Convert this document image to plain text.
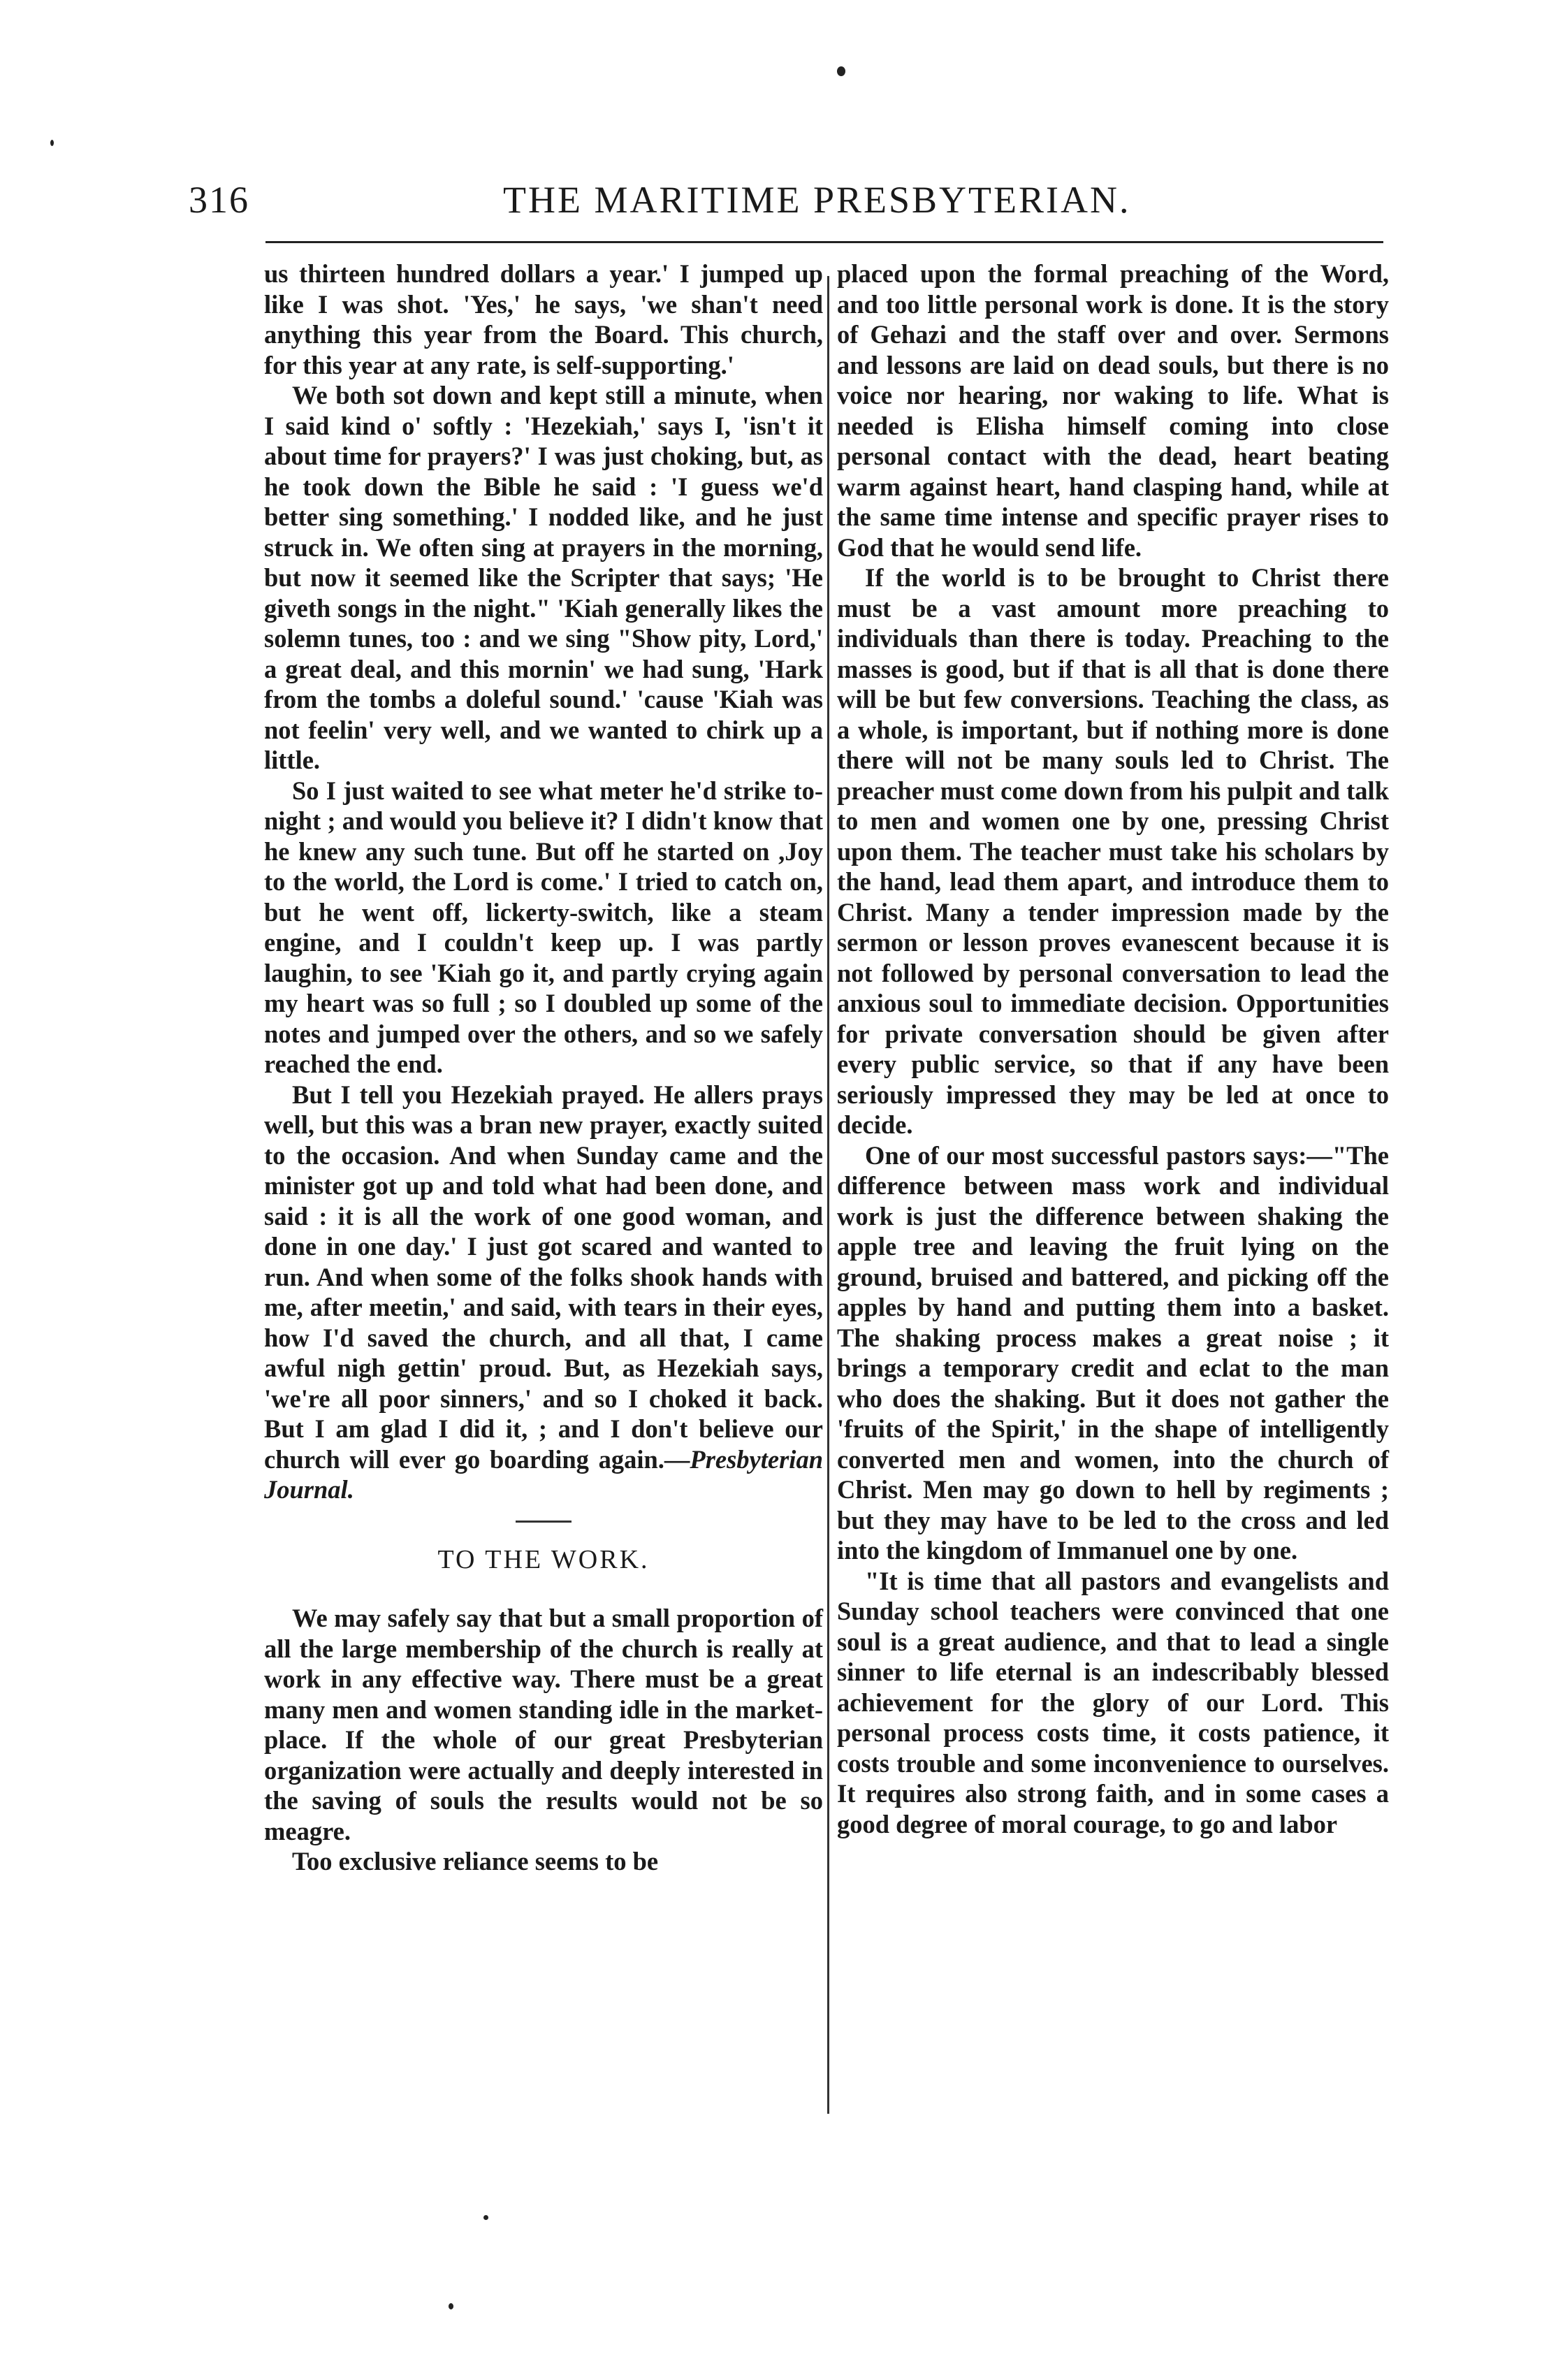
316	THE MARITIME PRESBYTERIAN.

us thirteen hundred dollars a year.' I jumped up like I was shot. 'Yes,' he says, 'we shan't need anything this year from the Board. This church, for this year at any rate, is self-supporting.'

We both sot down and kept still a minute, when I said kind o' softly : 'Hezekiah,' says I, 'isn't it about time for prayers?' I was just choking, but, as he took down the Bible he said : 'I guess we'd better sing something.' I nodded like, and he just struck in. We often sing at prayers in the morning, but now it seemed like the Scripter that says; 'He giveth songs in the night." 'Kiah generally likes the solemn tunes, too : and we sing "Show pity, Lord,' a great deal, and this mornin' we had sung, 'Hark from the tombs a doleful sound.' 'cause 'Kiah was not feelin' very well, and we wanted to chirk up a little.

So I just waited to see what meter he'd strike to-night ; and would you believe it? I didn't know that he knew any such tune. But off he started on ,Joy to the world, the Lord is come.' I tried to catch on, but he went off, lickerty-switch, like a steam engine, and I couldn't keep up. I was partly laughin, to see 'Kiah go it, and partly crying again my heart was so full ; so I doubled up some of the notes and jumped over the others, and so we safely reached the end.

But I tell you Hezekiah prayed. He allers prays well, but this was a bran new prayer, exactly suited to the occasion. And when Sunday came and the minister got up and told what had been done, and said : it is all the work of one good woman, and done in one day.' I just got scared and wanted to run. And when some of the folks shook hands with me, after meetin,' and said, with tears in their eyes, how I'd saved the church, and all that, I came awful nigh gettin' proud. But, as Hezekiah says, 'we're all poor sinners,' and so I choked it back. But I am glad I did it, ; and I don't believe our church will ever go boarding again.—Presbyterian Journal.

TO THE WORK.

We may safely say that but a small proportion of all the large membership of the church is really at work in any effective way. There must be a great many men and women standing idle in the market-place. If the whole of our great Presbyterian organization were actually and deeply interested in the saving of souls the results would not be so meagre.

Too exclusive reliance seems to be

placed upon the formal preaching of the Word, and too little personal work is done. It is the story of Gehazi and the staff over and over. Sermons and lessons are laid on dead souls, but there is no voice nor hearing, nor waking to life. What is needed is Elisha himself coming into close personal contact with the dead, heart beating warm against heart, hand clasping hand, while at the same time intense and specific prayer rises to God that he would send life.

If the world is to be brought to Christ there must be a vast amount more preaching to individuals than there is today. Preaching to the masses is good, but if that is all that is done there will be but few conversions. Teaching the class, as a whole, is important, but if nothing more is done there will not be many souls led to Christ. The preacher must come down from his pulpit and talk to men and women one by one, pressing Christ upon them. The teacher must take his scholars by the hand, lead them apart, and introduce them to Christ. Many a tender impression made by the sermon or lesson proves evanescent because it is not followed by personal conversation to lead the anxious soul to immediate decision. Opportunities for private conversation should be given after every public service, so that if any have been seriously impressed they may be led at once to decide.

One of our most successful pastors says:—"The difference between mass work and individual work is just the difference between shaking the apple tree and leaving the fruit lying on the ground, bruised and battered, and picking off the apples by hand and putting them into a basket. The shaking process makes a great noise ; it brings a temporary credit and eclat to the man who does the shaking. But it does not gather the 'fruits of the Spirit,' in the shape of intelligently converted men and women, into the church of Christ. Men may go down to hell by regiments ; but they may have to be led to the cross and led into the kingdom of Immanuel one by one.

"It is time that all pastors and evangelists and Sunday school teachers were convinced that one soul is a great audience, and that to lead a single sinner to life eternal is an indescribably blessed achievement for the glory of our Lord. This personal process costs time, it costs patience, it costs trouble and some inconvenience to ourselves. It requires also strong faith, and in some cases a good degree of moral courage, to go and labor
